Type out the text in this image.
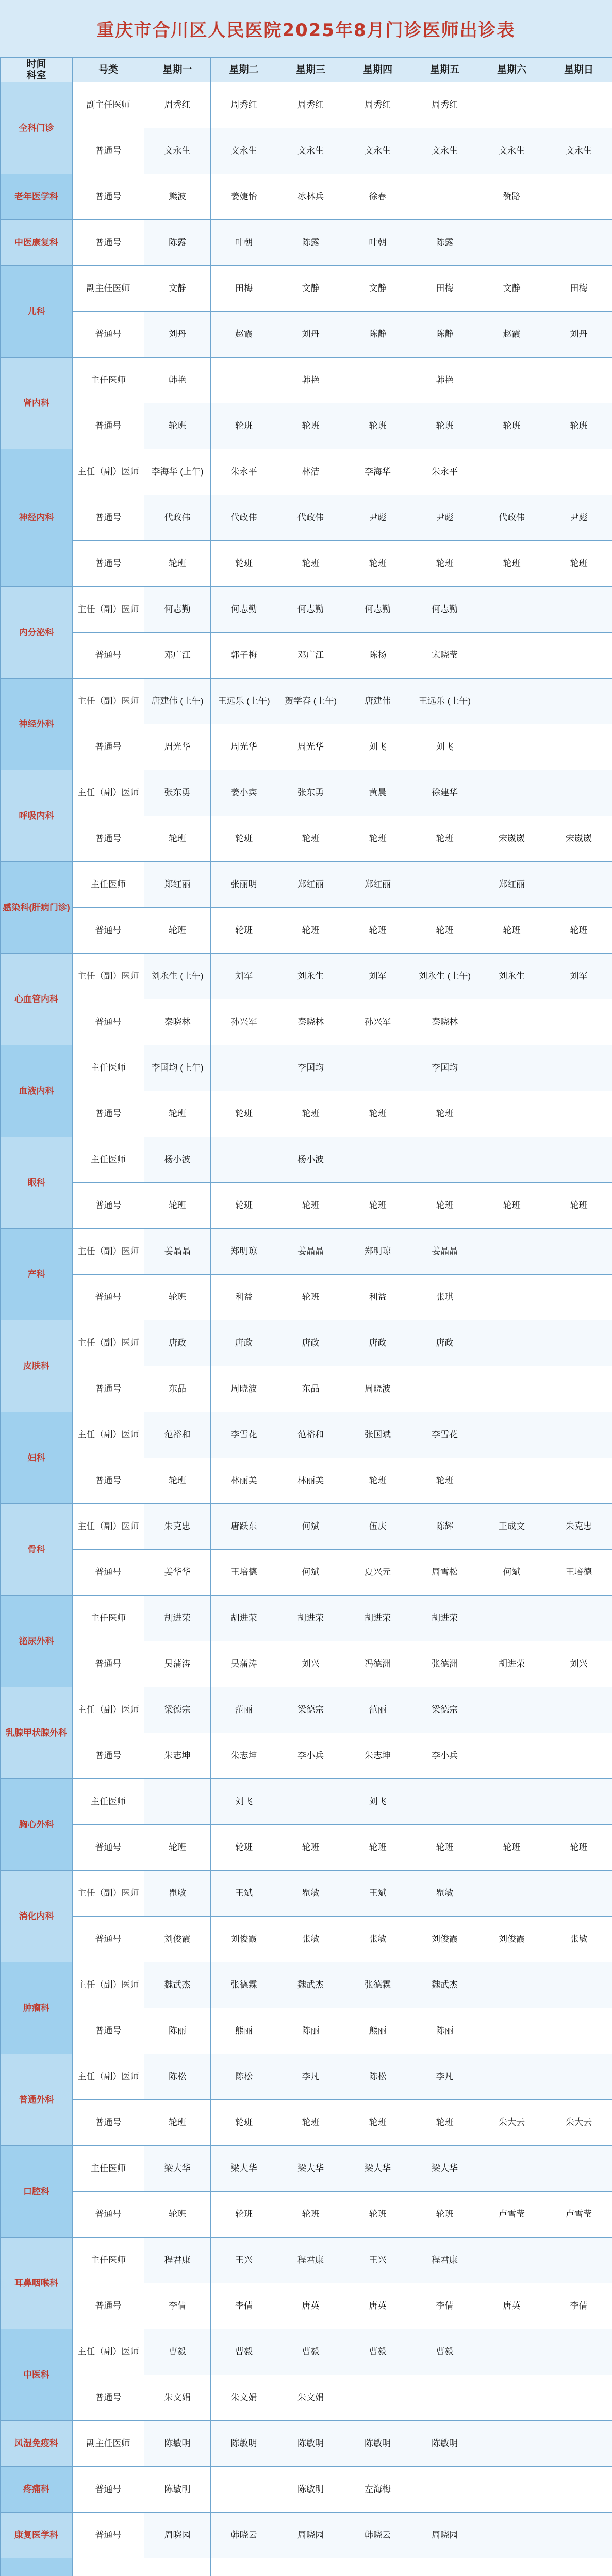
重庆市合川区人民医院2025年8月门诊医师出诊表
时间
科室	号类	星期一	星期二	星期三	星期四	星期五	星期六	星期日
全科门诊	副主任医师	周秀红	周秀红	周秀红	周秀红	周秀红		
	普通号	文永生	文永生	文永生	文永生	文永生	文永生	文永生
老年医学科	普通号	熊波	姜婕怡	冰林兵	徐春		赞路	
中医康复科	普通号	陈露	叶朝	陈露	叶朝	陈露		
儿科	副主任医师	文静	田梅	文静	文静	田梅	文静	田梅
	普通号	刘丹	赵霞	刘丹	陈静	陈静	赵霞	刘丹
肾内科	主任医师	韩艳		韩艳		韩艳		
	普通号	轮班	轮班	轮班	轮班	轮班	轮班	轮班
神经内科	主任（副）医师	李海华 (上午)	朱永平	林洁	李海华	朱永平		
	普通号	代政伟	代政伟	代政伟	尹彪	尹彪	代政伟	尹彪
	普通号	轮班	轮班	轮班	轮班	轮班	轮班	轮班
内分泌科	主任（副）医师	何志勤	何志勤	何志勤	何志勤	何志勤		
	普通号	邓广江	郭子梅	邓广江	陈扬	宋晓莹		
神经外科	主任（副）医师	唐建伟 (上午)	王远乐 (上午)	贺学春 (上午)	唐建伟	王远乐 (上午)		
	普通号	周光华	周光华	周光华	刘飞	刘飞		
呼吸内科	主任（副）医师	张东勇	姜小宾	张东勇	黄晨	徐建华		
	普通号	轮班	轮班	轮班	轮班	轮班	宋崴崴	宋崴崴
感染科(肝病门诊)	主任医师	郑红丽	张丽明	郑红丽	郑红丽		郑红丽	
	普通号	轮班	轮班	轮班	轮班	轮班	轮班	轮班
心血管内科	主任（副）医师	刘永生 (上午)	刘军	刘永生	刘军	刘永生 (上午)	刘永生	刘军
	普通号	秦晓林	孙兴军	秦晓林	孙兴军	秦晓林		
血液内科	主任医师	李国均 (上午)		李国均		李国均		
	普通号	轮班	轮班	轮班	轮班	轮班		
眼科	主任医师	杨小波		杨小波				
	普通号	轮班	轮班	轮班	轮班	轮班	轮班	轮班
产科	主任（副）医师	姜晶晶	郑明琼	姜晶晶	郑明琼	姜晶晶		
	普通号	轮班	利益	轮班	利益	张琪		
皮肤科	主任（副）医师	唐政	唐政	唐政	唐政	唐政		
	普通号	东品	周晓波	东品	周晓波			
妇科	主任（副）医师	范裕和	李雪花	范裕和	张国斌	李雪花		
	普通号	轮班	林丽美	林丽美	轮班	轮班		
骨科	主任（副）医师	朱克忠	唐跃东	何斌	伍庆	陈辉	王成文	朱克忠
	普通号	姜华华	王培德	何斌	夏兴元	周雪松	何斌	王培德
泌尿外科	主任医师	胡进荣	胡进荣	胡进荣	胡进荣	胡进荣		
	普通号	吴蒲涛	吴蒲涛	刘兴	冯德洲	张德洲	胡进荣	刘兴
乳腺甲状腺外科	主任（副）医师	梁德宗	范丽	梁德宗	范丽	梁德宗		
	普通号	朱志坤	朱志坤	李小兵	朱志坤	李小兵		
胸心外科	主任医师		刘飞		刘飞			
	普通号	轮班	轮班	轮班	轮班	轮班	轮班	轮班
消化内科	主任（副）医师	瞿敏	王斌	瞿敏	王斌	瞿敏		
	普通号	刘俊霞	刘俊霞	张敏	张敏	刘俊霞	刘俊霞	张敏
肿瘤科	主任（副）医师	魏武杰	张德霖	魏武杰	张德霖	魏武杰		
	普通号	陈丽	熊丽	陈丽	熊丽	陈丽		
普通外科	主任（副）医师	陈松	陈松	李凡	陈松	李凡		
	普通号	轮班	轮班	轮班	轮班	轮班	朱大云	朱大云
口腔科	主任医师	梁大华	梁大华	梁大华	梁大华	梁大华		
	普通号	轮班	轮班	轮班	轮班	轮班	卢雪莹	卢雪莹
耳鼻咽喉科	主任医师	程君康	王兴	程君康	王兴	程君康		
	普通号	李倩	李倩	唐英	唐英	李倩	唐英	李倩
中医科	主任（副）医师	曹毅	曹毅	曹毅	曹毅	曹毅		
	普通号	朱文娟	朱文娟	朱文娟				
风湿免疫科	副主任医师	陈敏明	陈敏明	陈敏明	陈敏明	陈敏明		
疼痛科	普通号	陈敏明		陈敏明	左海梅			
康复医学科	普通号	周晓园	韩晓云	周晓园	韩晓云	周晓园		
